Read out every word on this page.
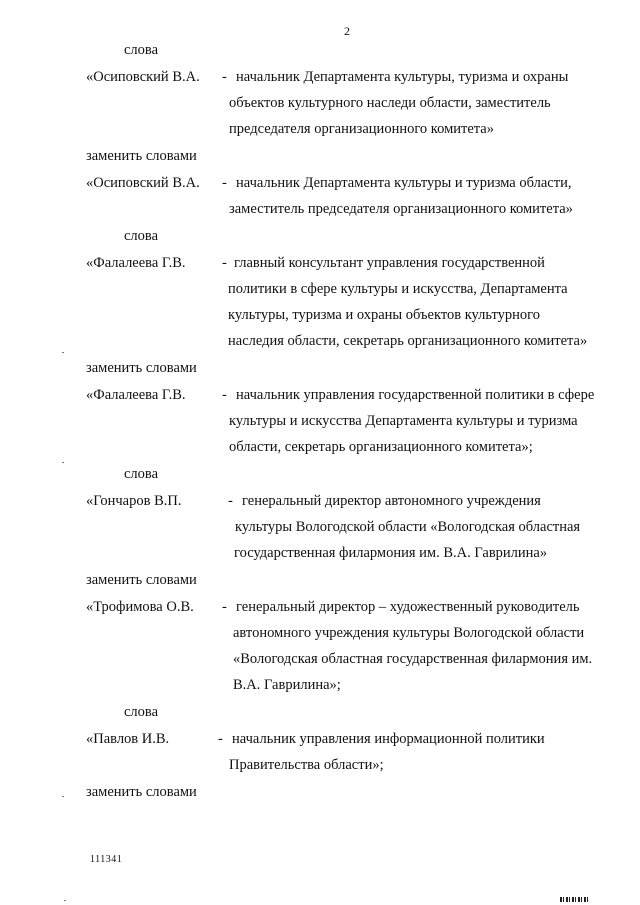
2
слова
«Осиповский В.А. - начальник Департамента культуры, туризма и охраны
объектов культурного наследи области, заместитель
председателя организационного комитета»
заменить словами
«Осиповский В.А. - начальник Департамента культуры и туризма области,
заместитель председателя организационного комитета»
слова
«Фалалеева Г.В.	- главный консультант управления государственной
политики в сфере культуры и искусства, Департамента
культуры, туризма и охраны объектов культурного
наследия области, секретарь организационного комитета»
заменить словами
«Фалалеева Г.В.	- начальник управления государственной политики в сфере
культуры и искусства Департамента культуры и туризма
области, секретарь организационного комитета»;
слова
«Гончаров В.П.	- генеральный директор автономного учреждения
культуры Вологодской области «Вологодская областная
государственная филармония им. В.А. Гаврилина»
заменить словами
«Трофимова О.В. - генеральный директор – художественный руководитель
автономного учреждения культуры Вологодской области
«Вологодская областная государственная филармония им.
В.А. Гаврилина»;
слова
«Павлов И.В.	- начальник управления информационной политики
Правительства области»;
заменить словами
111341
